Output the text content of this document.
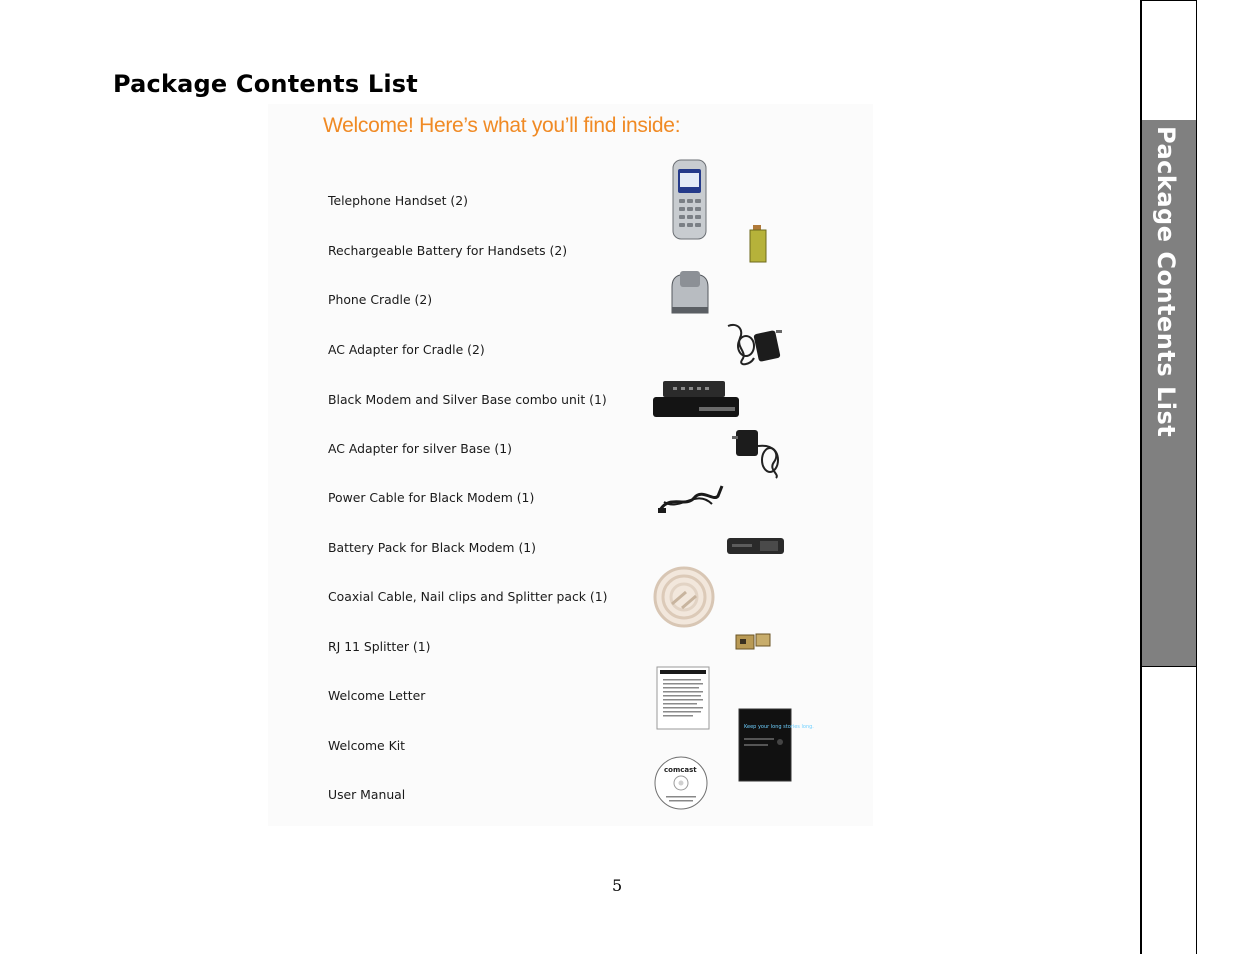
Package Contents List
Welcome! Here’s what you’ll find inside:
Telephone Handset (2)
Rechargeable Battery for Handsets (2)
Phone Cradle (2)
AC Adapter for Cradle (2)
Black Modem and Silver Base combo unit (1)
AC Adapter for silver Base (1)
Power Cable for Black Modem (1)
Battery Pack for Black Modem (1)
Coaxial Cable, Nail clips and Splitter pack (1)
RJ 11 Splitter (1)
Welcome Letter
Welcome Kit
User Manual
Keep your long stories long.
comcast
5
Package Contents List
